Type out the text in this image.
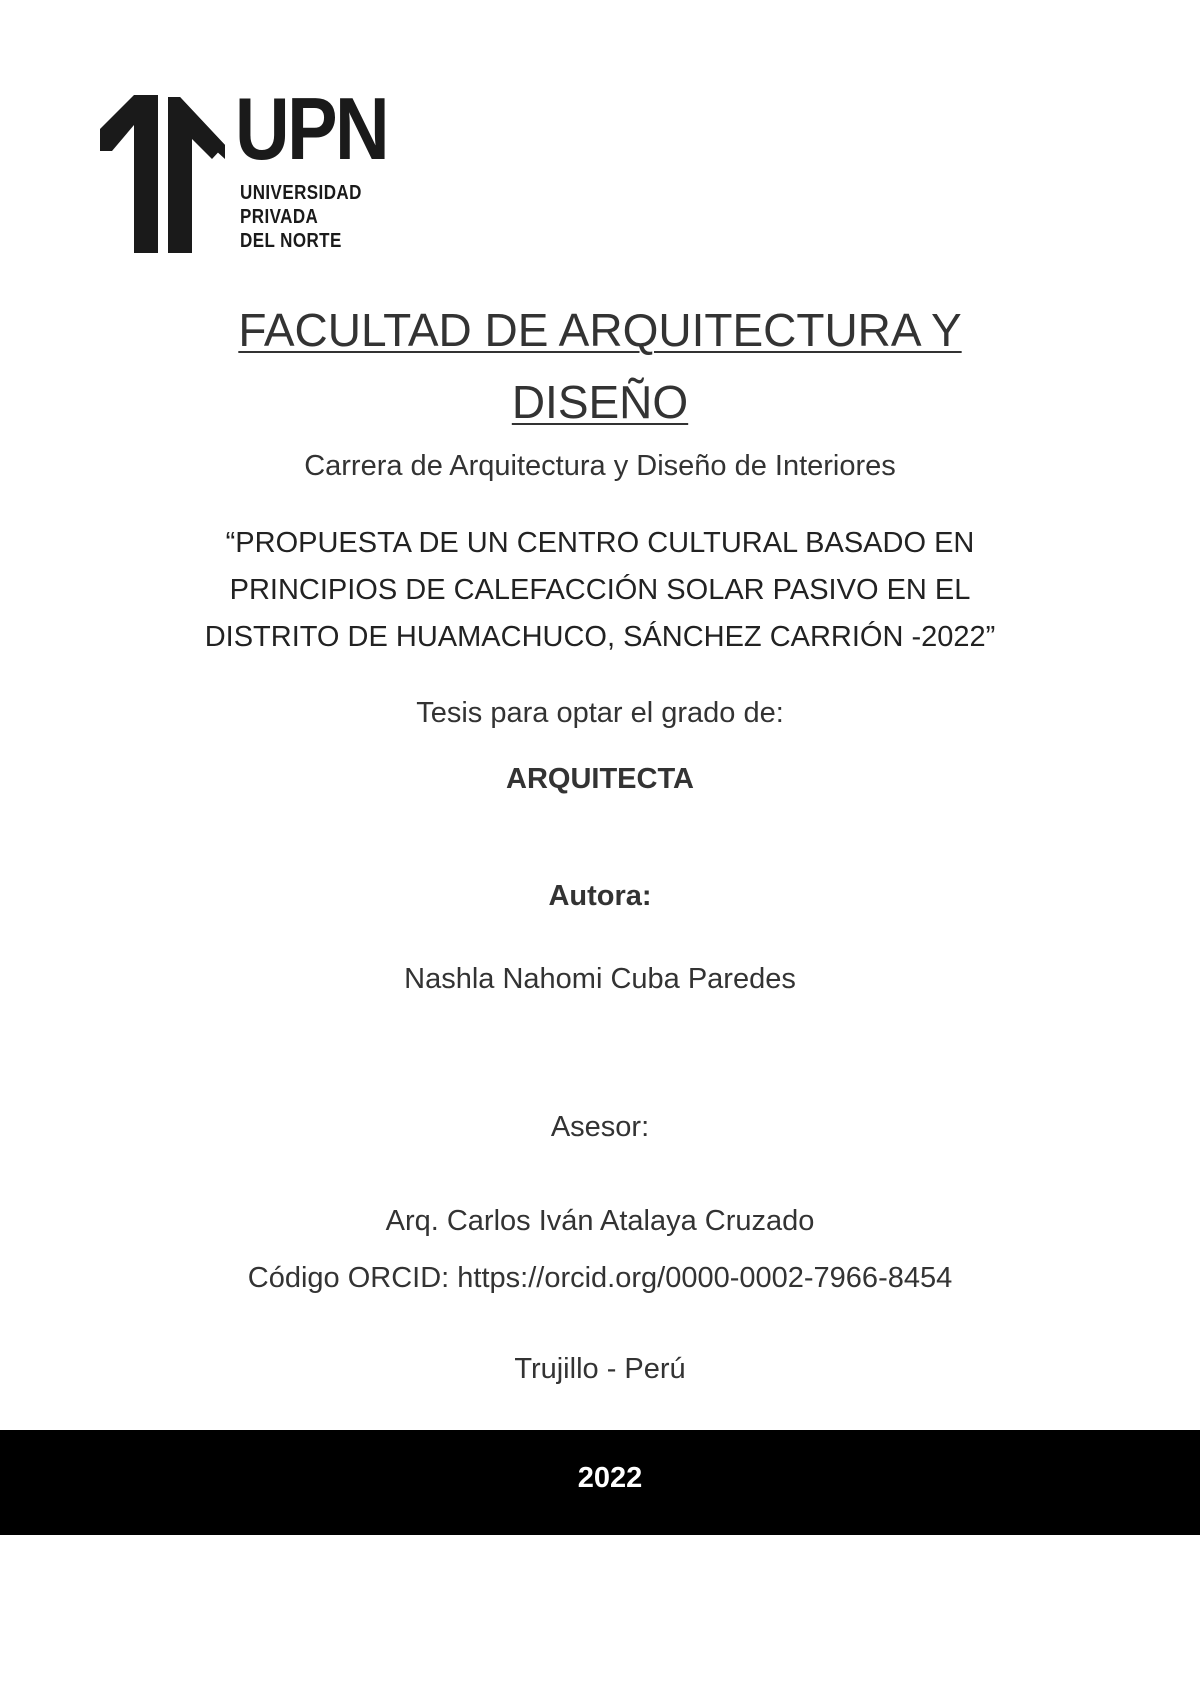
UPN
UNIVERSIDAD
PRIVADA
DEL NORTE
FACULTAD DE ARQUITECTURA Y
DISEÑO
Carrera de Arquitectura y Diseño de Interiores
“PROPUESTA DE UN CENTRO CULTURAL BASADO EN
PRINCIPIOS DE CALEFACCIÓN SOLAR PASIVO EN EL
DISTRITO DE HUAMACHUCO, SÁNCHEZ CARRIÓN -2022”
Tesis para optar el grado de:
ARQUITECTA
Autora:
Nashla Nahomi Cuba Paredes
Asesor:
Arq. Carlos Iván Atalaya Cruzado
Código ORCID: https://orcid.org/0000-0002-7966-8454
Trujillo - Perú
2022
